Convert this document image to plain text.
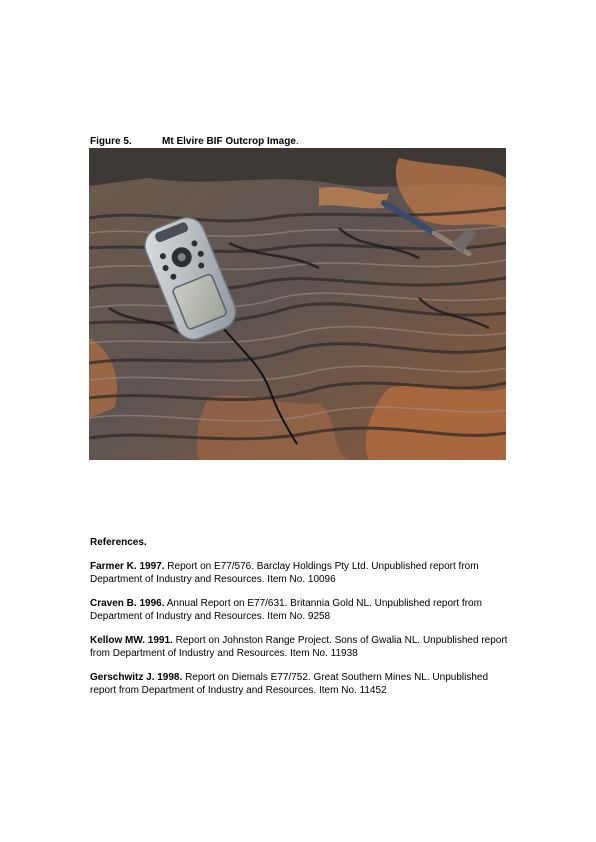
Figure 5.	Mt Elvire BIF Outcrop Image.
References.

Farmer K. 1997. Report on E77/576. Barclay Holdings Pty Ltd. Unpublished report from Department of Industry and Resources. Item No. 10096

Craven B. 1996. Annual Report on E77/631. Britannia Gold NL. Unpublished report from Department of Industry and Resources. Item No. 9258

Kellow MW. 1991. Report on Johnston Range Project. Sons of Gwalia NL. Unpublished report from Department of Industry and Resources. Item No. 11938

Gerschwitz J. 1998. Report on Diemals E77/752. Great Southern Mines NL. Unpublished report from Department of Industry and Resources. Item No. 11452
